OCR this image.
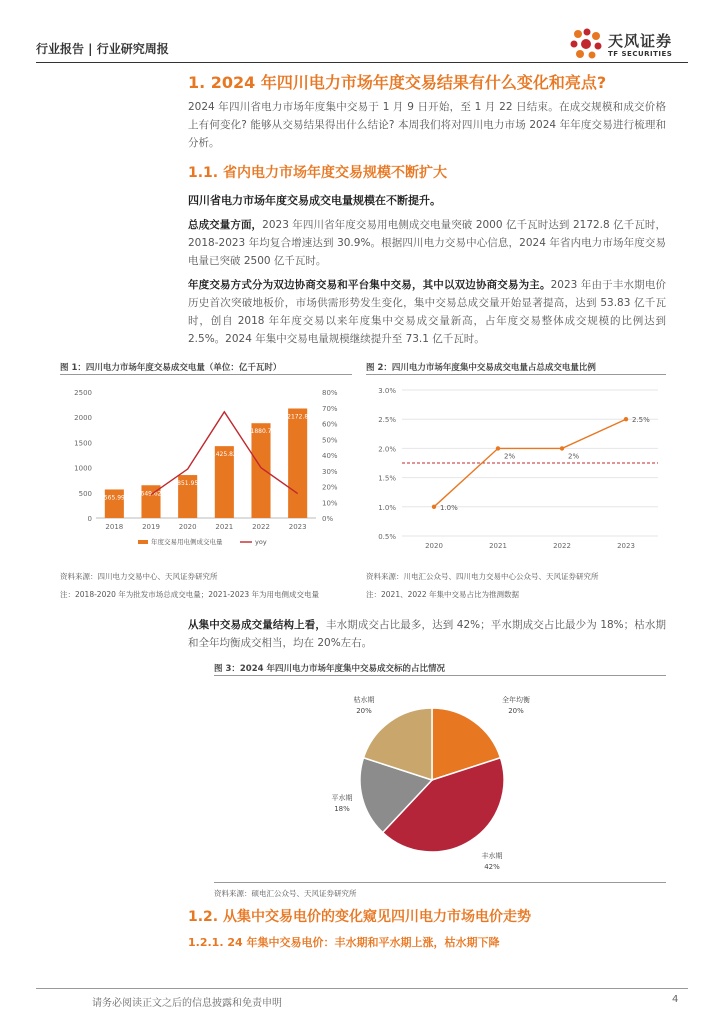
行业报告 | 行业研究周报	天风证券
TF SECURITIES
1. 2024 年四川电力市场年度交易结果有什么变化和亮点?
2024 年四川省电力市场年度集中交易于 1 月 9 日开始，至 1 月 22 日结束。在成交规模和成交价格上有何变化? 能够从交易结果得出什么结论? 本周我们将对四川电力市场 2024 年年度交易进行梳理和分析。
1.1. 省内电力市场年度交易规模不断扩大
四川省电力市场年度交易成交电量规模在不断提升。
总成交量方面，2023 年四川省年度交易用电侧成交电量突破 2000 亿千瓦时达到 2172.8 亿千瓦时，2018-2023 年均复合增速达到 30.9%。根据四川电力交易中心信息，2024 年省内电力市场年度交易电量已突破 2500 亿千瓦时。
年度交易方式分为双边协商交易和平台集中交易，其中以双边协商交易为主。2023 年由于丰水期电价历史首次突破地板价，市场供需形势发生变化，集中交易总成交量开始显著提高，达到 53.83 亿千瓦时，创自 2018 年年度交易以来年度集中交易成交量新高，占年度交易整体成交规模的比例达到 2.5%。2024 年集中交易电量规模继续提升至 73.1 亿千瓦时。
图 1：四川电力市场年度交易成交电量（单位：亿千瓦时）
0
500
1000
1500
2000
2500
0%
10%
20%
30%
40%
50%
60%
70%
80%
565.99
2018
649.62
2019
851.95
2020
1425.82
2021
1880.7
2022
2172.8
2023
年度交易用电侧成交电量	yoy
资料来源：四川电力交易中心、天风证券研究所
注：2018-2020 年为批发市场总成交电量；2021-2023 年为用电侧成交电量
图 2：四川电力市场年度集中交易成交电量占总成交电量比例
0.5%
1.0%
1.5%
2.0%
2.5%
3.0%
1.0%
2020
2%
2021
2%
2022
2.5%
2023
资料来源：川电汇公众号、四川电力交易中心公众号、天风证券研究所
注：2021、2022 年集中交易占比为推测数据
从集中交易成交量结构上看，丰水期成交占比最多，达到 42%；平水期成交占比最少为 18%；枯水期和全年均衡成交相当，均在 20%左右。
图 3：2024 年四川电力市场年度集中交易成交标的占比情况
全年均衡
20%
丰水期
42%
平水期
18%
枯水期
20%
资料来源：硕电汇公众号、天风证券研究所
1.2. 从集中交易电价的变化窥见四川电力市场电价走势
1.2.1. 24 年集中交易电价：丰水期和平水期上涨，枯水期下降
请务必阅读正文之后的信息披露和免责申明	4
